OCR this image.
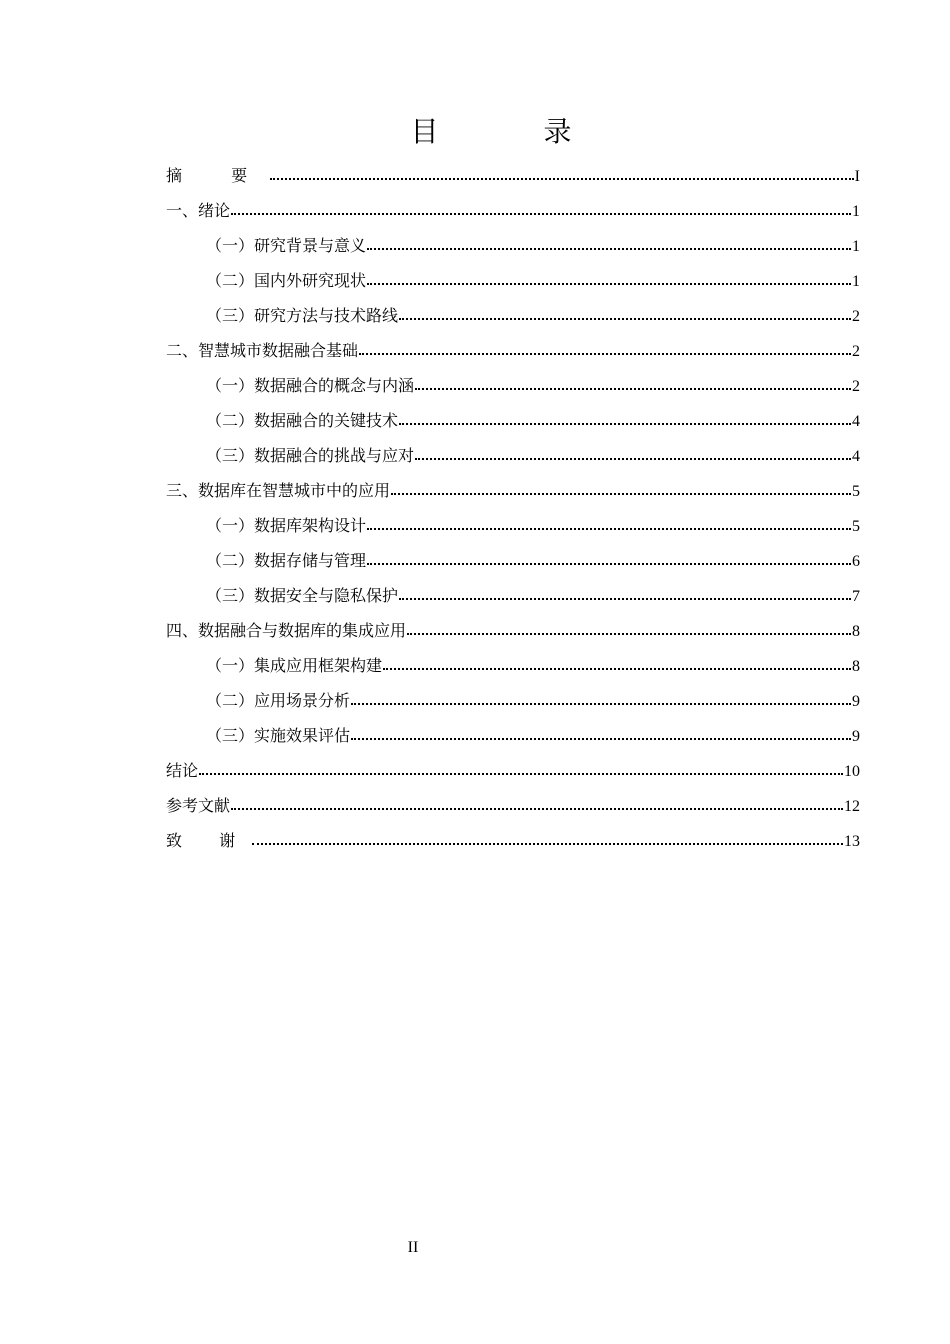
目 录
摘 要	I
一、绪论	1
（一）研究背景与意义	1
（二）国内外研究现状	1
（三）研究方法与技术路线	2
二、智慧城市数据融合基础	2
（一）数据融合的概念与内涵	2
（二）数据融合的关键技术	4
（三）数据融合的挑战与应对	4
三、数据库在智慧城市中的应用	5
（一）数据库架构设计	5
（二）数据存储与管理	6
（三）数据安全与隐私保护	7
四、数据融合与数据库的集成应用	8
（一）集成应用框架构建	8
（二）应用场景分析	9
（三）实施效果评估	9
结论	10
参考文献	12
致 谢	13
II
